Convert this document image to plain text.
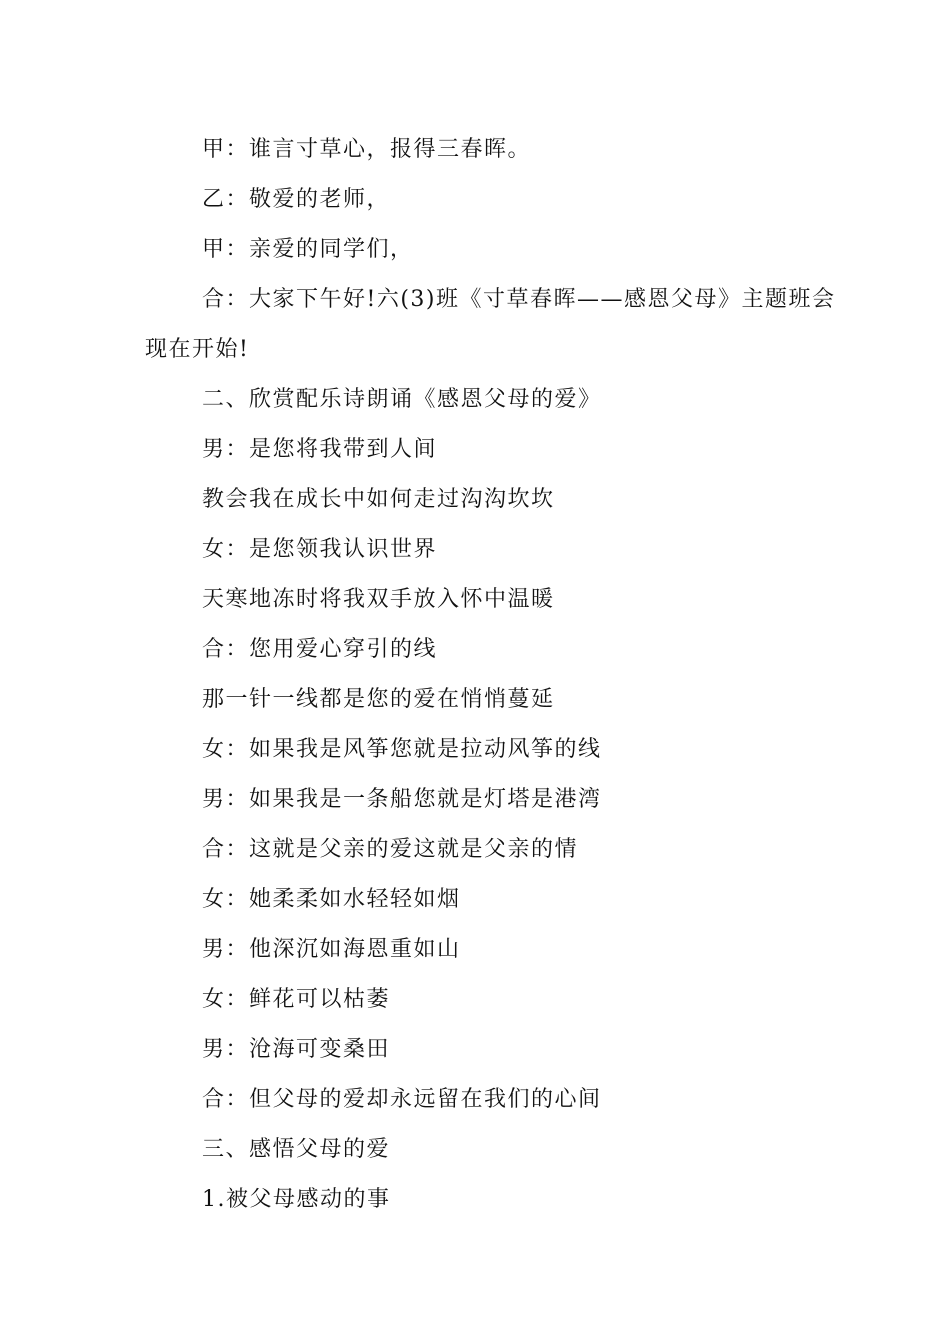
甲：谁言寸草心，报得三春晖。
乙：敬爱的老师，
甲：亲爱的同学们，
合：大家下午好!六(3)班《寸草春晖——感恩父母》主题班会
现在开始!
二、欣赏配乐诗朗诵《感恩父母的爱》
男：是您将我带到人间
教会我在成长中如何走过沟沟坎坎
女：是您领我认识世界
天寒地冻时将我双手放入怀中温暖
合：您用爱心穿引的线
那一针一线都是您的爱在悄悄蔓延
女：如果我是风筝您就是拉动风筝的线
男：如果我是一条船您就是灯塔是港湾
合：这就是父亲的爱这就是父亲的情
女：她柔柔如水轻轻如烟
男：他深沉如海恩重如山
女：鲜花可以枯萎
男：沧海可变桑田
合：但父母的爱却永远留在我们的心间
三、感悟父母的爱
1.被父母感动的事
